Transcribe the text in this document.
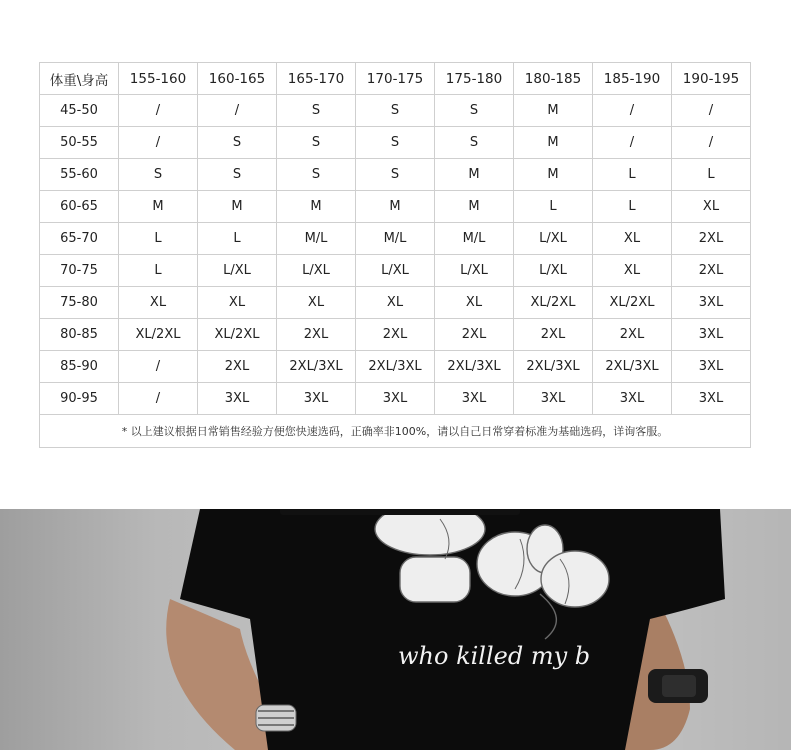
体重\身高	155-160	160-165	165-170	170-175	175-180	180-185	185-190	190-195
45-50	/	/	S	S	S	M	/	/
50-55	/	S	S	S	S	M	/	/
55-60	S	S	S	S	M	M	L	L
60-65	M	M	M	M	M	L	L	XL
65-70	L	L	M/L	M/L	M/L	L/XL	XL	2XL
70-75	L	L/XL	L/XL	L/XL	L/XL	L/XL	XL	2XL
75-80	XL	XL	XL	XL	XL	XL/2XL	XL/2XL	3XL
80-85	XL/2XL	XL/2XL	2XL	2XL	2XL	2XL	2XL	3XL
85-90	/	2XL	2XL/3XL	2XL/3XL	2XL/3XL	2XL/3XL	2XL/3XL	3XL
90-95	/	3XL	3XL	3XL	3XL	3XL	3XL	3XL
* 以上建议根据日常销售经验方便您快速选码，正确率非100%，请以自己日常穿着标准为基础选码，详询客服。								
who killed my b
